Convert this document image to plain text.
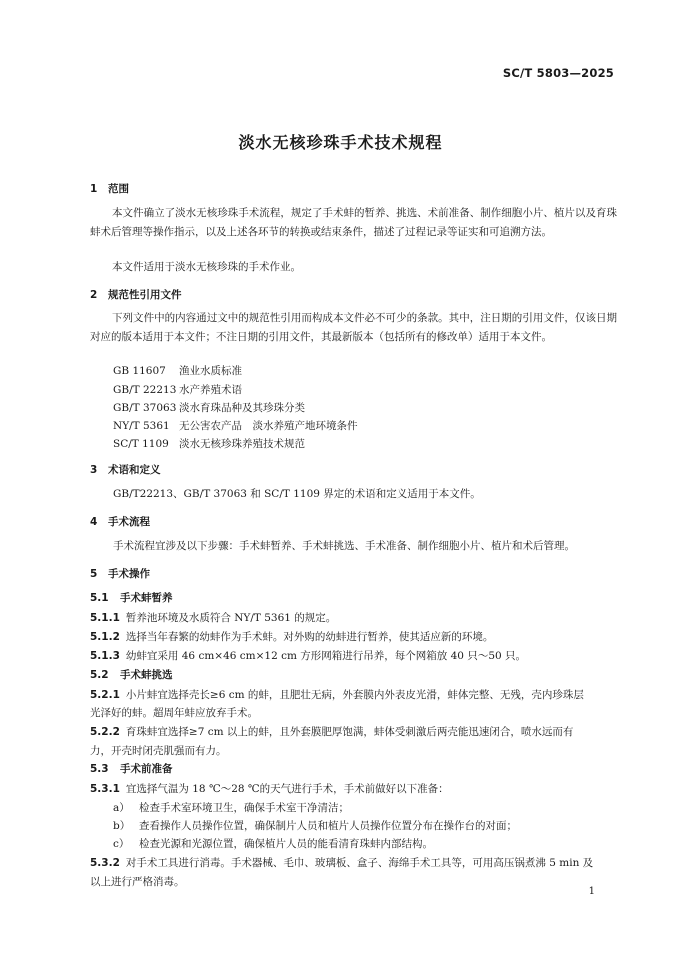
SC/T 5803—2025
淡水无核珍珠手术技术规程
1 范围
本文件确立了淡水无核珍珠手术流程，规定了手术蚌的暂养、挑选、术前准备、制作细胞小片、植片以及育珠蚌术后管理等操作指示，以及上述各环节的转换或结束条件，描述了过程记录等证实和可追溯方法。
本文件适用于淡水无核珍珠的手术作业。
2 规范性引用文件
下列文件中的内容通过文中的规范性引用而构成本文件必不可少的条款。其中，注日期的引用文件，仅该日期对应的版本适用于本文件；不注日期的引用文件，其最新版本（包括所有的修改单）适用于本文件。
GB 11607 渔业水质标准
GB/T 22213 水产养殖术语
GB/T 37063 淡水育珠品种及其珍珠分类
NY/T 5361 无公害农产品　淡水养殖产地环境条件
SC/T 1109 淡水无核珍珠养殖技术规范
3 术语和定义
GB/T22213、GB/T 37063 和 SC/T 1109 界定的术语和定义适用于本文件。
4 手术流程
手术流程宜涉及以下步骤：手术蚌暂养、手术蚌挑选、手术准备、制作细胞小片、植片和术后管理。
5 手术操作
5.1 手术蚌暂养
5.1.1 暂养池环境及水质符合 NY/T 5361 的规定。
5.1.2 选择当年春繁的幼蚌作为手术蚌。对外购的幼蚌进行暂养，使其适应新的环境。
5.1.3 幼蚌宜采用 46 cm×46 cm×12 cm 方形网箱进行吊养，每个网箱放 40 只～50 只。
5.2 手术蚌挑选
5.2.1 小片蚌宜选择壳长≥6 cm 的蚌，且肥壮无病，外套膜内外表皮光滑，蚌体完整、无残，壳内珍珠层
光泽好的蚌。超周年蚌应放弃手术。
5.2.2 育珠蚌宜选择≥7 cm 以上的蚌，且外套膜肥厚饱满，蚌体受刺激后两壳能迅速闭合，喷水远而有
力，开壳时闭壳肌强而有力。
5.3 手术前准备
5.3.1 宜选择气温为 18 ℃～28 ℃的天气进行手术，手术前做好以下准备：
a） 检查手术室环境卫生，确保手术室干净清洁；
b） 查看操作人员操作位置，确保制片人员和植片人员操作位置分布在操作台的对面；
c） 检查光源和光源位置，确保植片人员的能看清育珠蚌内部结构。
5.3.2 对手术工具进行消毒。手术器械、毛巾、玻璃板、盒子、海绵手术工具等，可用高压锅煮沸 5 min 及
以上进行严格消毒。
1
